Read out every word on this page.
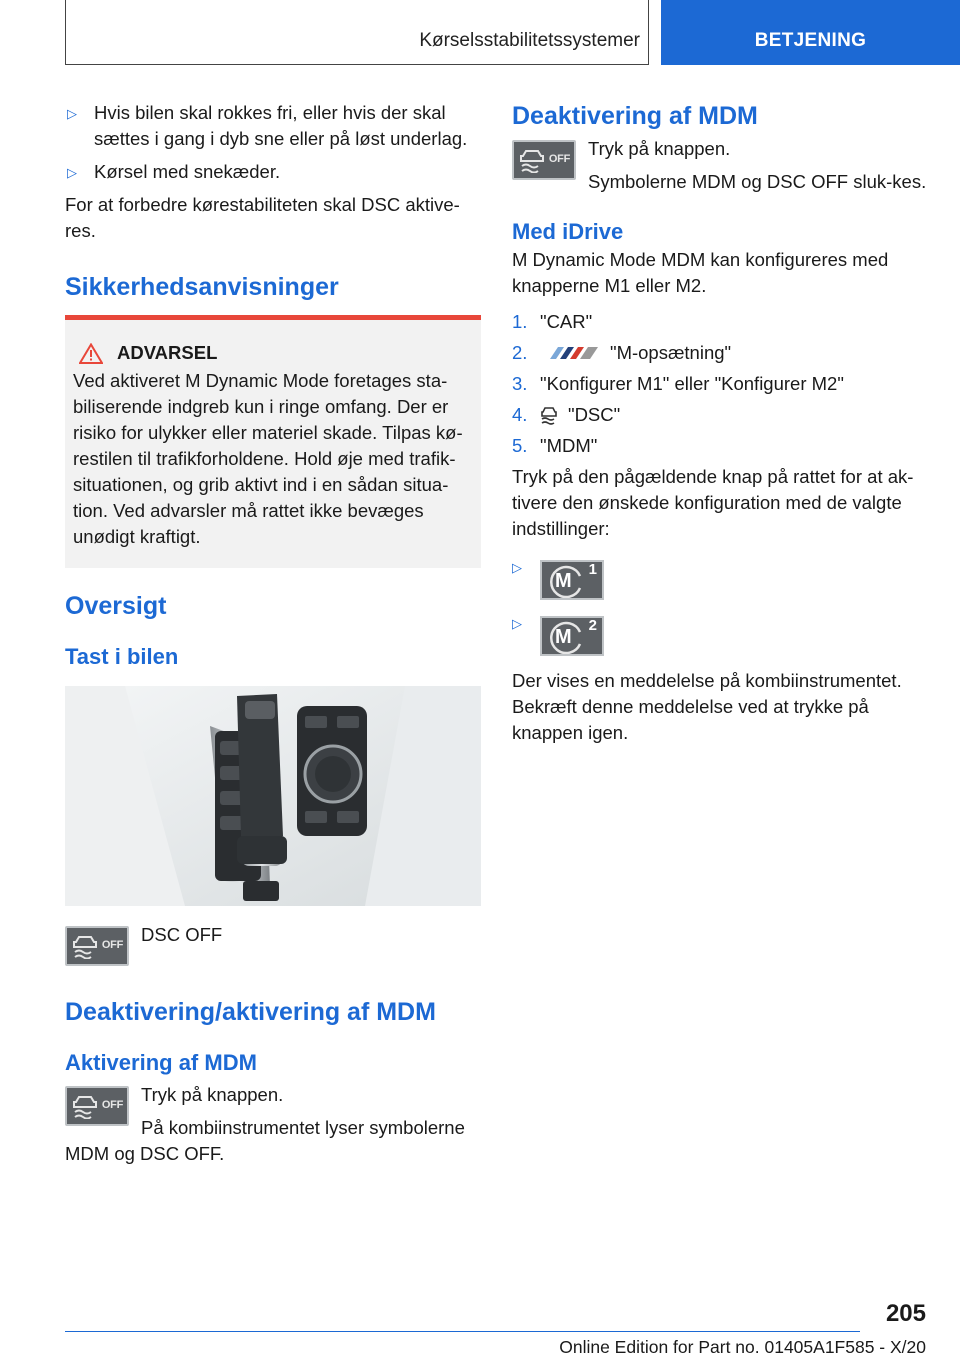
Kørselsstabilitetssystemer	BETJENING
▷ Hvis bilen skal rokkes fri, eller hvis der skal sættes i gang i dyb sne eller på løst underlag.
▷ Kørsel med snekæder.

For at forbedre kørestabiliteten skal DSC aktive-res.

Sikkerhedsanvisninger
ADVARSEL

Ved aktiveret M Dynamic Mode foretages sta-biliserende indgreb kun i ringe omfang. Der er risiko for ulykker eller materiel skade. Tilpas kø-restilen til trafikforholdene. Hold øje med trafik-situationen, og grib aktivt ind i en sådan situa-tion. Ved advarsler må rattet ikke bevæges unødigt kraftigt.

Oversigt
Tast i bilen
OFF DSC OFF

Deaktivering/aktivering af MDM
Aktivering af MDM
OFF Tryk på knappen.

På kombiinstrumentet lyser symbolerne MDM og DSC OFF.

Deaktivering af MDM
OFF Tryk på knappen.

Symbolerne MDM og DSC OFF sluk-kes.

Med iDrive

M Dynamic Mode MDM kan konfigureres med knapperne M1 eller M2.

1. "CAR"
2.	"M-opsætning"
3. "Konfigurer M1" eller "Konfigurer M2"
4.	"DSC"
5. "MDM"

Tryk på den pågældende knap på rattet for at ak-tivere den ønskede konfiguration med de valgte indstillinger:

▷
M
1
▷
M
2

Der vises en meddelelse på kombiinstrumentet. Bekræft denne meddelelse ved at trykke på knappen igen.

205
Online Edition for Part no. 01405A1F585 - X/20
